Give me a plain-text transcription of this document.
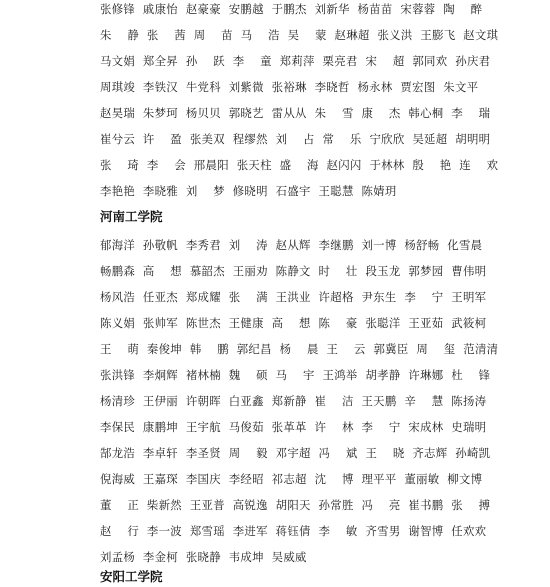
张修锋  戚康怡  赵豪豪  安鹏越  于鹏杰  刘新华  杨苗苗  宋蓉蓉  陶    醉
朱    静  张    茜  周    苗  马    浩  吴    蒙  赵琳超  张义洪  王膨飞  赵文琪
马文娟  郑全昇  孙    跃  李    童  郑莉萍  栗亮君  宋    超  郭同欢  孙庆君
周琪竣  李铁汉  牛党科  刘紫微  张裕琳  李晓哲  杨永林  贾宏图  朱文平
赵昊瑞  朱梦珂  杨贝贝  郭晓艺  雷从从  朱    雪  康    杰  韩心桐  李    瑞
崔兮云  许    盈  张美双  程缪然  刘    占  常    乐  宁欣欣  吴延超  胡明明
张    琦  李    会  邢晨阳  张天柱  盛    海  赵闪闪  于林林  殷    艳  连    欢
李艳艳  李晓雅  刘    梦  修晓明  石盛宇  王聪慧  陈婧玥
河南工学院
郁海洋  孙敬帆  李秀君  刘    涛  赵从辉  李继鹏  刘一博  杨舒畅  化雪晨
畅鹏森  高    想  慕韶杰  王丽劝  陈静文  时    壮  段玉龙  郭梦园  曹伟明
杨风浩  任亚杰  郑成耀  张    满  王洪业  许超格  尹东生  李    宁  王明军
陈义娟  张帅军  陈世杰  王健康  高    想  陈    豪  张聪洋  王亚茹  武筱柯
王    萌  秦俊坤  韩    鹏  郭纪昌  杨    晨  王    云  郭冀臣  周    玺  范清清
张洪锋  李炯辉  褚林楠  魏    硕  马    宇  王鸿举  胡孝静  许琳娜  杜    锋
杨清珍  王伊丽  许朝晖  白亚鑫  郑新静  崔    洁  王天鹏  辛    慧  陈扬涛
李保民  康鹏坤  王宇航  马俊茹  张革革  许    林  李    宁  宋成林  史瑞明
郜龙浩  李卓轩  李圣贤  周    毅  邓宇超  冯    斌  王    晓  齐志辉  孙崎凯
倪海威  王嘉琛  李国庆  李经昭  祁志超  沈    博  理平平  董丽敏  柳文博
董    正  柴新然  王亚普  高锐逸  胡阳天  孙常胜  冯    亮  崔书鹏  张    搏
赵    行  李一波  郑雪瑶  李进军  蒋钰倩  李    敏  齐雪男  谢智博  任欢欢
刘孟杨  李金柯  张晓静  韦成坤  吴威威
安阳工学院
